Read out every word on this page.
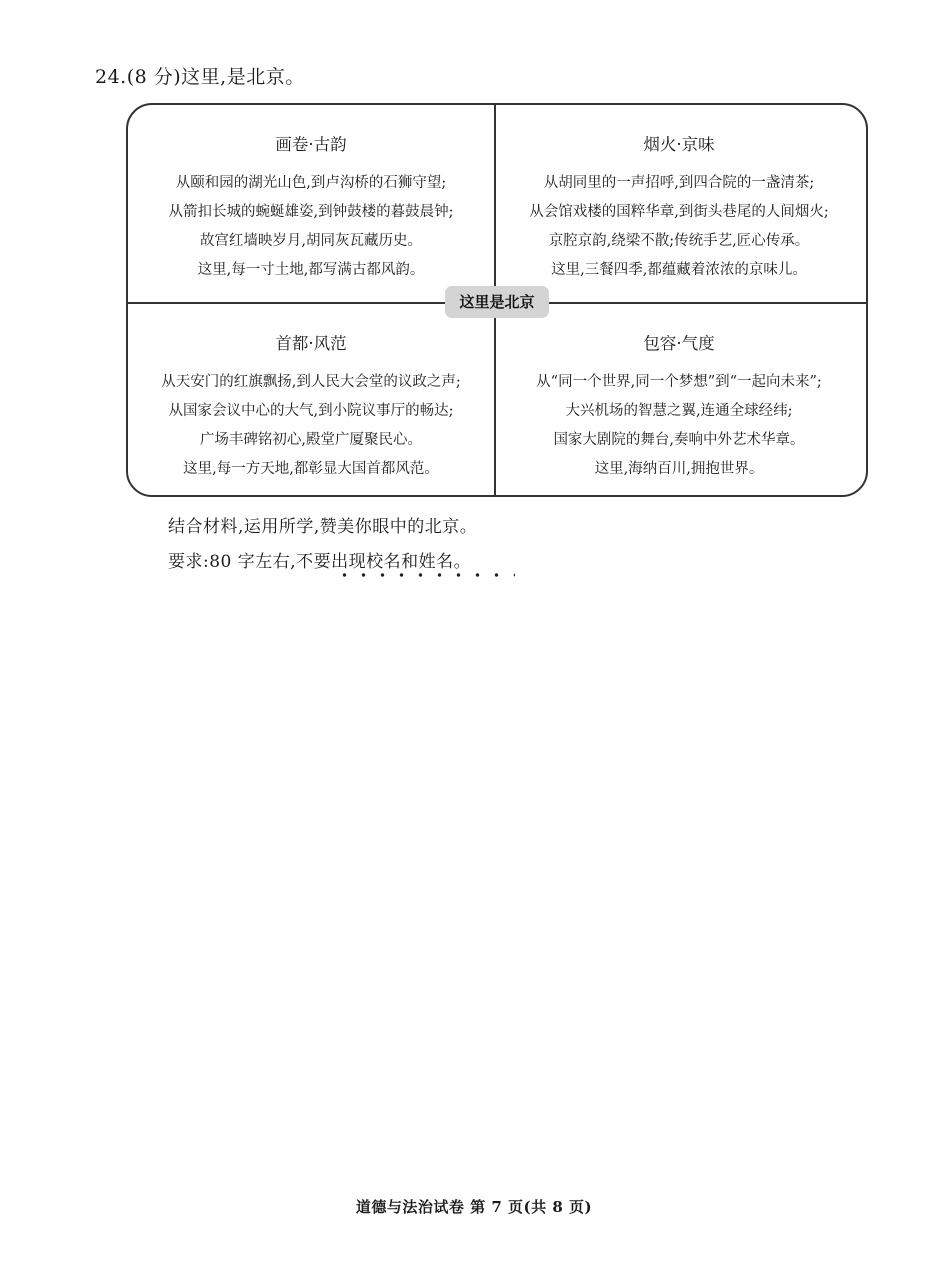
24.(8 分)这里,是北京。
画卷·古韵
从颐和园的湖光山色,到卢沟桥的石狮守望;
从箭扣长城的蜿蜒雄姿,到钟鼓楼的暮鼓晨钟;
故宫红墙映岁月,胡同灰瓦藏历史。
这里,每一寸土地,都写满古都风韵。
烟火·京味
从胡同里的一声招呼,到四合院的一盏清茶;
从会馆戏楼的国粹华章,到街头巷尾的人间烟火;
京腔京韵,绕梁不散;传统手艺,匠心传承。
这里,三餐四季,都蕴藏着浓浓的京味儿。
首都·风范
从天安门的红旗飘扬,到人民大会堂的议政之声;
从国家会议中心的大气,到小院议事厅的畅达;
广场丰碑铭初心,殿堂广厦聚民心。
这里,每一方天地,都彰显大国首都风范。
包容·气度
从“同一个世界,同一个梦想”到“一起向未来”;
大兴机场的智慧之翼,连通全球经纬;
国家大剧院的舞台,奏响中外艺术华章。
这里,海纳百川,拥抱世界。
这里是北京
结合材料,运用所学,赞美你眼中的北京。
要求:80 字左右,不要出现校名和姓名。
道德与法治试卷 第 7 页(共 8 页)
